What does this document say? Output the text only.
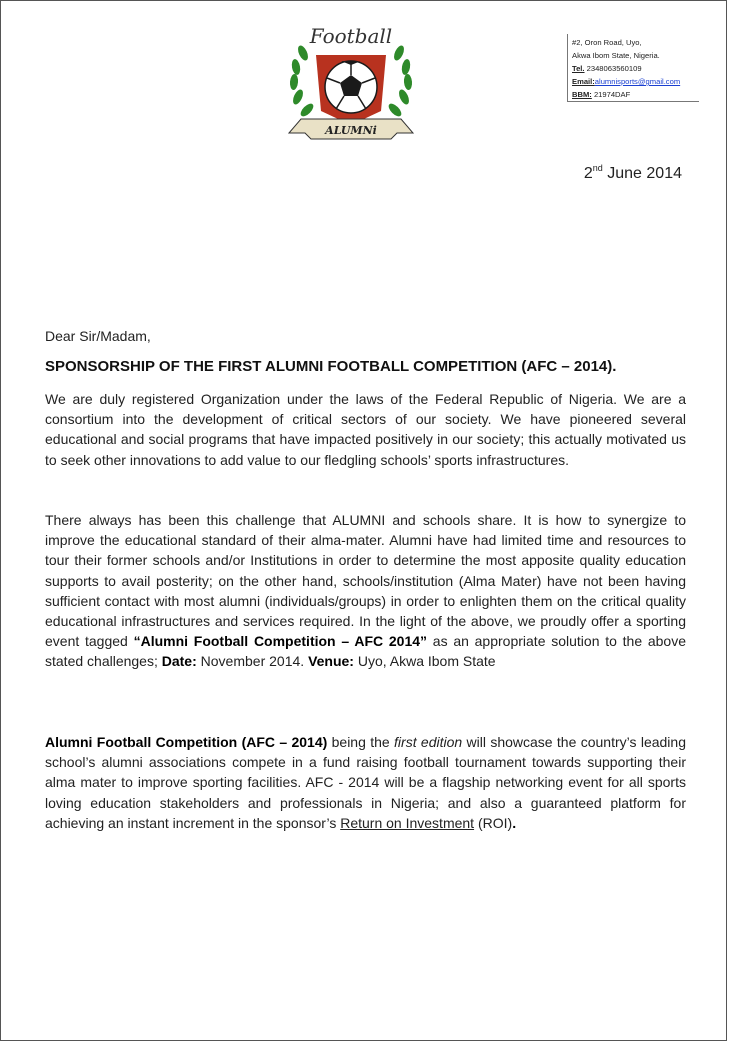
Football
ALUMNi
#2, Oron Road, Uyo,
Akwa Ibom State, Nigeria.
Tel. 2348063560109
Email:alumnisports@gmail.com
BBM: 21974DAF
2nd June 2014
Dear Sir/Madam,
SPONSORSHIP OF THE FIRST ALUMNI FOOTBALL COMPETITION (AFC – 2014).
We are duly registered Organization under the laws of the Federal Republic of Nigeria. We are a consortium into the development of critical sectors of our society. We have pioneered several educational and social programs that have impacted positively in our society; this actually motivated us to seek other innovations to add value to our fledgling schools’ sports infrastructures.
There always has been this challenge that ALUMNI and schools share. It is how to synergize to improve the educational standard of their alma-mater. Alumni have had limited time and resources to tour their former schools and/or Institutions in order to determine the most apposite quality education supports to avail posterity; on the other hand, schools/institution (Alma Mater) have not been having sufficient contact with most alumni (individuals/groups) in order to enlighten them on the critical quality educational infrastructures and services required. In the light of the above, we proudly offer a sporting event tagged “Alumni Football Competition – AFC 2014” as an appropriate solution to the above stated challenges; Date: November 2014. Venue: Uyo, Akwa Ibom State
Alumni Football Competition (AFC – 2014) being the first edition will showcase the country’s leading school’s alumni associations compete in a fund raising football tournament towards supporting their alma mater to improve sporting facilities. AFC - 2014 will be a flagship networking event for all sports loving education stakeholders and professionals in Nigeria; and also a guaranteed platform for achieving an instant increment in the sponsor’s Return on Investment (ROI).
